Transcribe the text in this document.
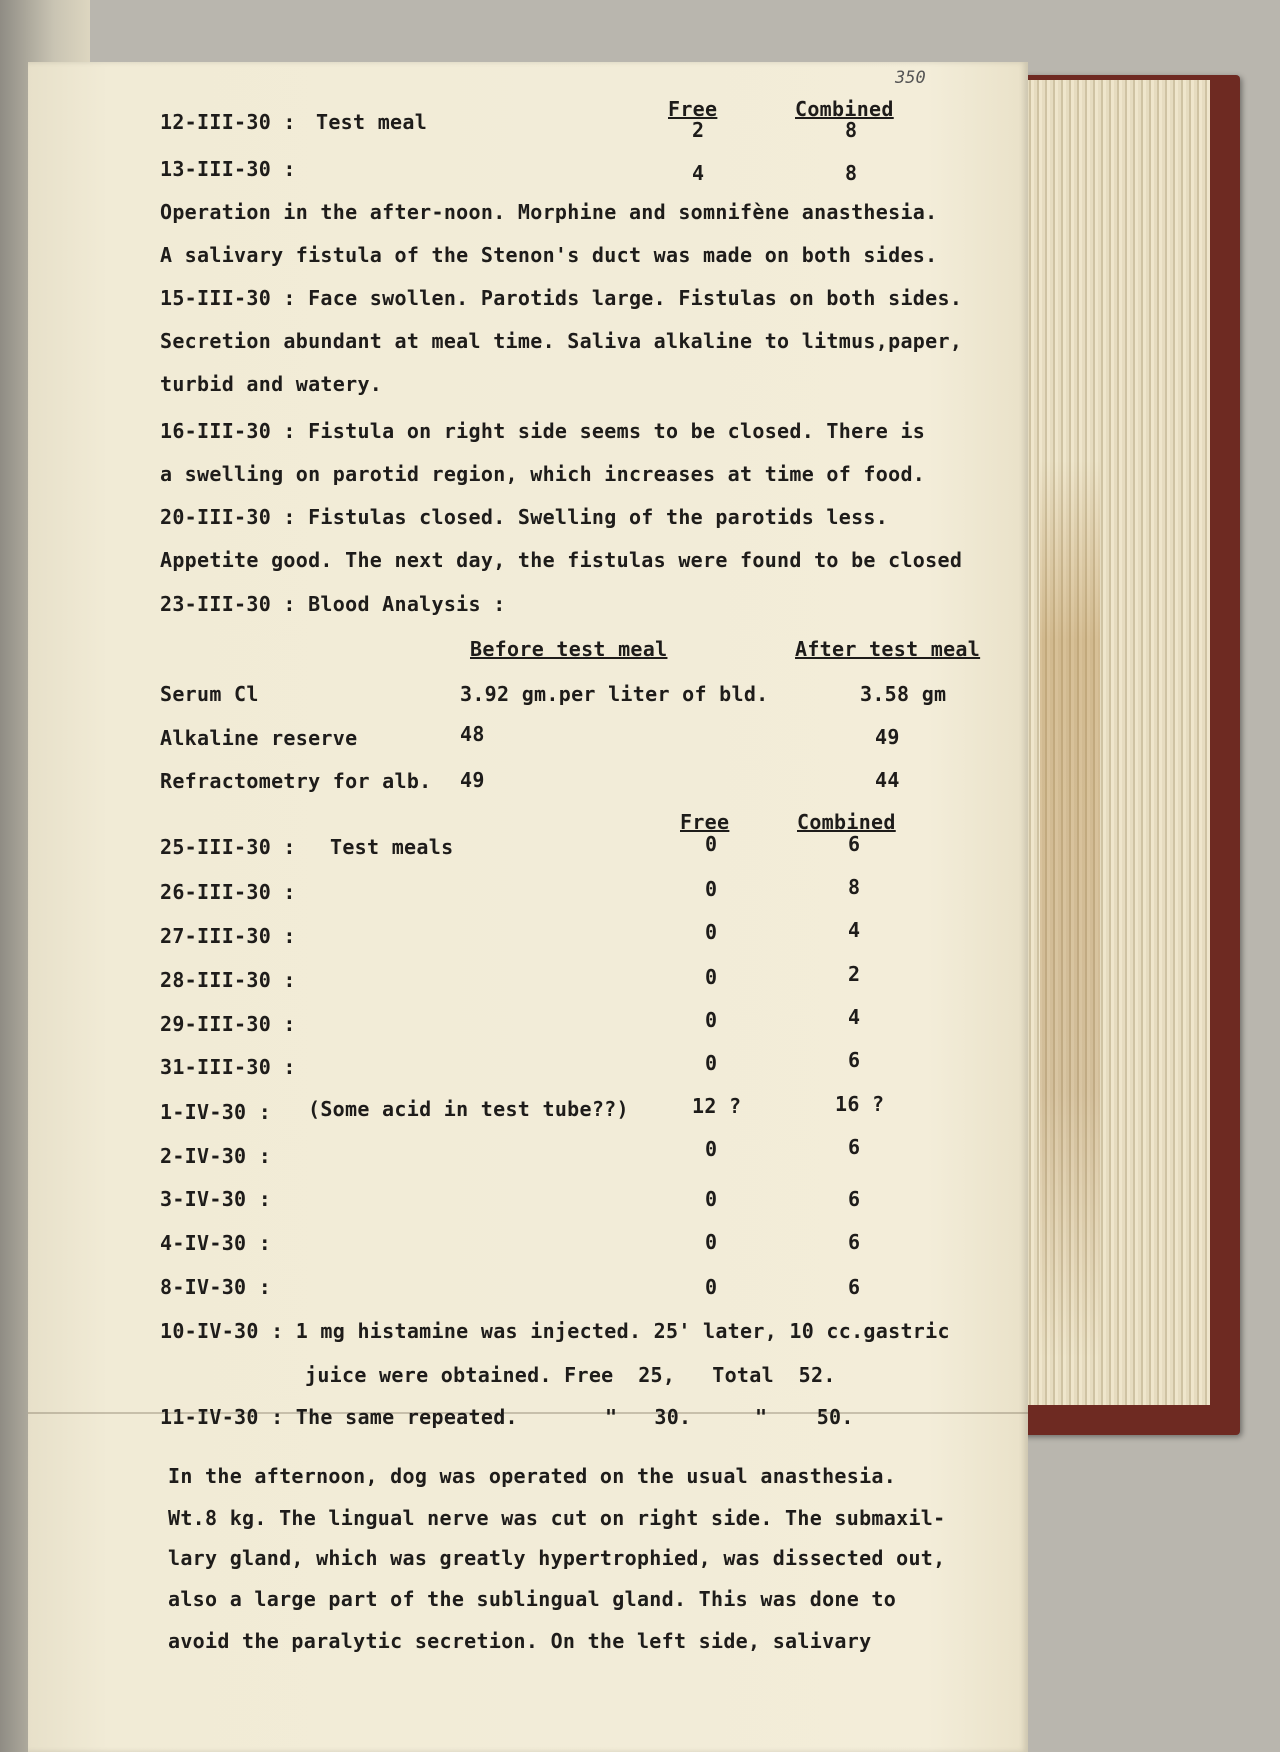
350
Free	Combined
12-III-30 : Test meal	2	8
13-III-30 :	4	8
Operation in the after-noon. Morphine and somnifène anasthesia.
A salivary fistula of the Stenon's duct was made on both sides.
15-III-30 : Face swollen. Parotids large. Fistulas on both sides.
Secretion abundant at meal time. Saliva alkaline to litmus,paper,
turbid and watery.
16-III-30 : Fistula on right side seems to be closed. There is
a swelling on parotid region, which increases at time of food.
20-III-30 : Fistulas closed. Swelling of the parotids less.
Appetite good. The next day, the fistulas were found to be closed
23-III-30 : Blood Analysis :
Before test meal	After test meal
Serum Cl	3.92 gm.per liter of bld.	3.58 gm
Alkaline reserve	48	49
Refractometry for alb. 49	44
Free	Combined
25-III-30 : Test meals	0	6
26-III-30 :	0	8
27-III-30 :	0	4
28-III-30 :	0	2
29-III-30 :	0	4
31-III-30 :	0	6
1-IV-30 : (Some acid in test tube??)	12 ?	16 ?
2-IV-30 :	0	6
3-IV-30 :	0	6
4-IV-30 :	0	6
8-IV-30 :	0	6
10-IV-30 : 1 mg histamine was injected. 25' later, 10 cc.gastric
juice were obtained. Free  25,   Total  52.
11-IV-30 : The same repeated.	"   30.	"    50.
In the afternoon, dog was operated on the usual anasthesia.
Wt.8 kg. The lingual nerve was cut on right side. The submaxil-
lary gland, which was greatly hypertrophied, was dissected out,
also a large part of the sublingual gland. This was done to
avoid the paralytic secretion. On the left side, salivary
